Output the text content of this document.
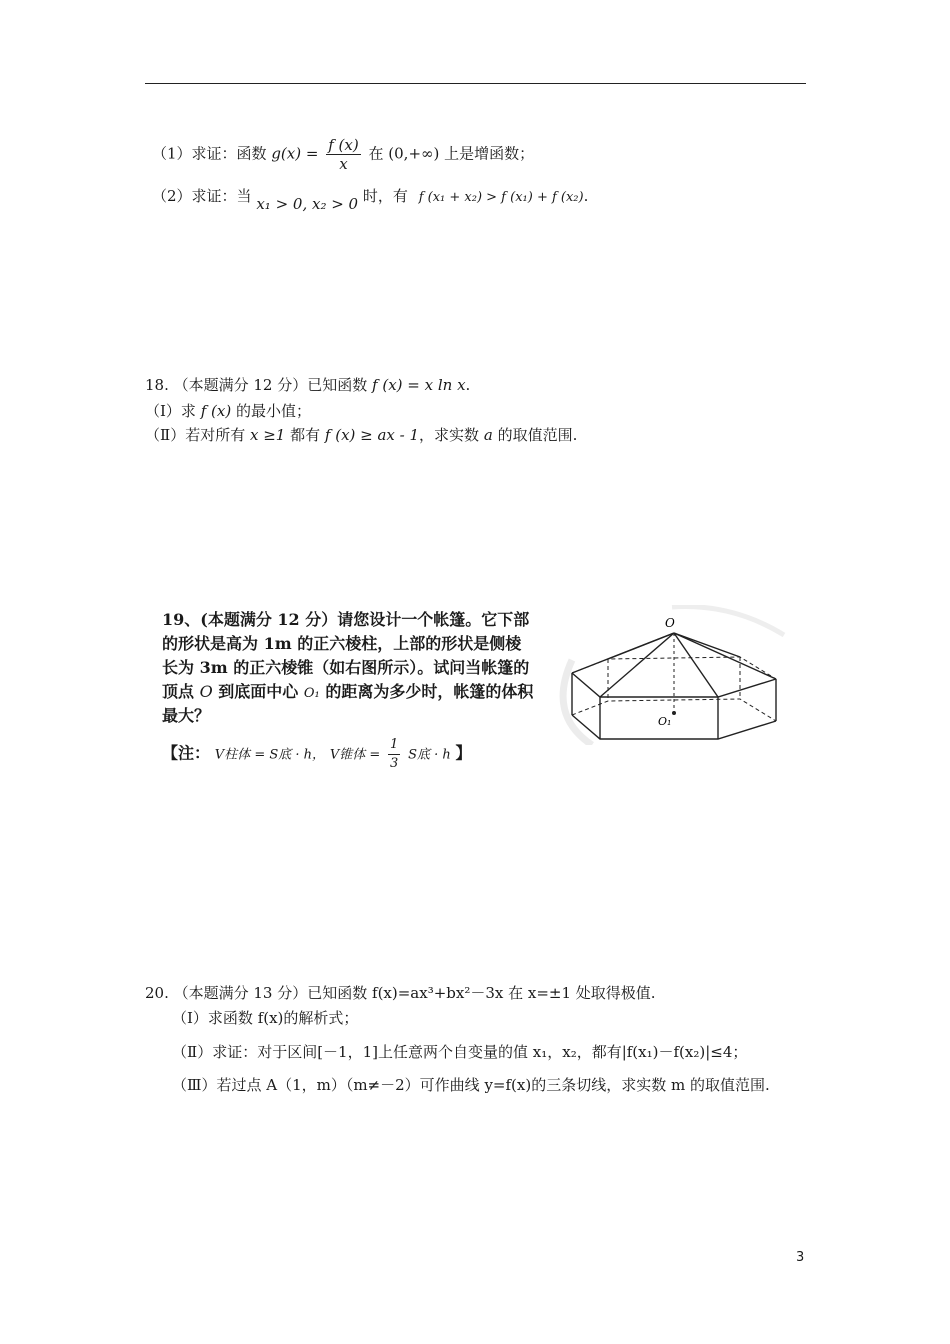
（1）求证：函数 $g(x) = \frac{f (x)}{x}$ 在 (0,+∞) 上是增函数；
（2）求证：当 x₁ > 0, x₂ > 0 时，有 f (x₁ + x₂) > f (x₁) + f (x₂).
18. （本题满分 12 分）已知函数 f (x) = x ln x.
（Ⅰ）求 f (x) 的最小值；
（Ⅱ）若对所有 x ≥1 都有 f (x) ≥ ax - 1，求实数 a 的取值范围.
19、(本题满分 12 分）请您设计一个帐篷。它下部
的形状是高为 1m 的正六棱柱，上部的形状是侧棱
长为 3m 的正六棱锥（如右图所示）。试问当帐篷的
顶点 O 到底面中心 O₁ 的距离为多少时，帐篷的体积
最大？
【注： V柱体 = S底 · h， V锥体 = $\frac{1}{3}$ S底 · h 】
O
O₁
20. （本题满分 13 分）已知函数 f(x)=ax³+bx²－3x 在 x=±1 处取得极值.
（Ⅰ）求函数 f(x)的解析式；
（Ⅱ）求证：对于区间[－1，1]上任意两个自变量的值 x₁，x₂，都有|f(x₁)－f(x₂)|≤4；
（Ⅲ）若过点 A（1，m）（m≠－2）可作曲线 y=f(x)的三条切线，求实数 m 的取值范围.
3
